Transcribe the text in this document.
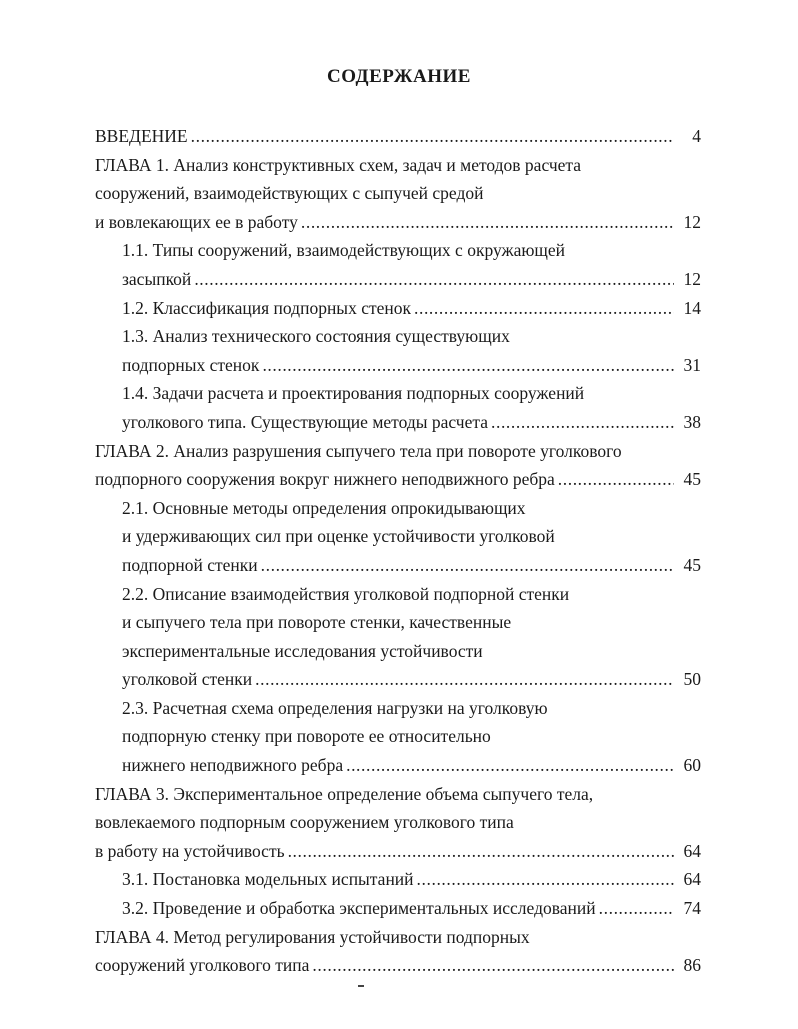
СОДЕРЖАНИЕ
ВВЕДЕНИЕ .....	4
ГЛАВА 1. Анализ конструктивных схем, задач и методов расчета
сооружений, взаимодействующих с сыпучей средой
и вовлекающих ее в работу .....	12
1.1. Типы сооружений, взаимодействующих с окружающей
засыпкой .....	12
1.2. Классификация подпорных стенок .....	14
1.3. Анализ технического состояния существующих
подпорных стенок .....	31
1.4. Задачи расчета и проектирования подпорных сооружений
уголкового типа. Существующие методы расчета .....	38
ГЛАВА 2. Анализ разрушения сыпучего тела при повороте уголкового
подпорного сооружения вокруг нижнего неподвижного ребра .....	45
2.1. Основные методы определения опрокидывающих
и удерживающих сил при оценке устойчивости уголковой
подпорной стенки .....	45
2.2. Описание взаимодействия уголковой подпорной стенки
и сыпучего тела при повороте стенки, качественные
экспериментальные исследования устойчивости
уголковой стенки .....	50
2.3. Расчетная схема определения нагрузки на уголковую
подпорную стенку при повороте ее относительно
нижнего неподвижного ребра .....	60
ГЛАВА 3. Экспериментальное определение объема сыпучего тела,
вовлекаемого подпорным сооружением уголкового типа
в работу на устойчивость .....	64
3.1. Постановка модельных испытаний .....	64
3.2. Проведение и обработка экспериментальных исследований .....	74
ГЛАВА 4. Метод регулирования устойчивости подпорных
сооружений уголкового типа .....	86
